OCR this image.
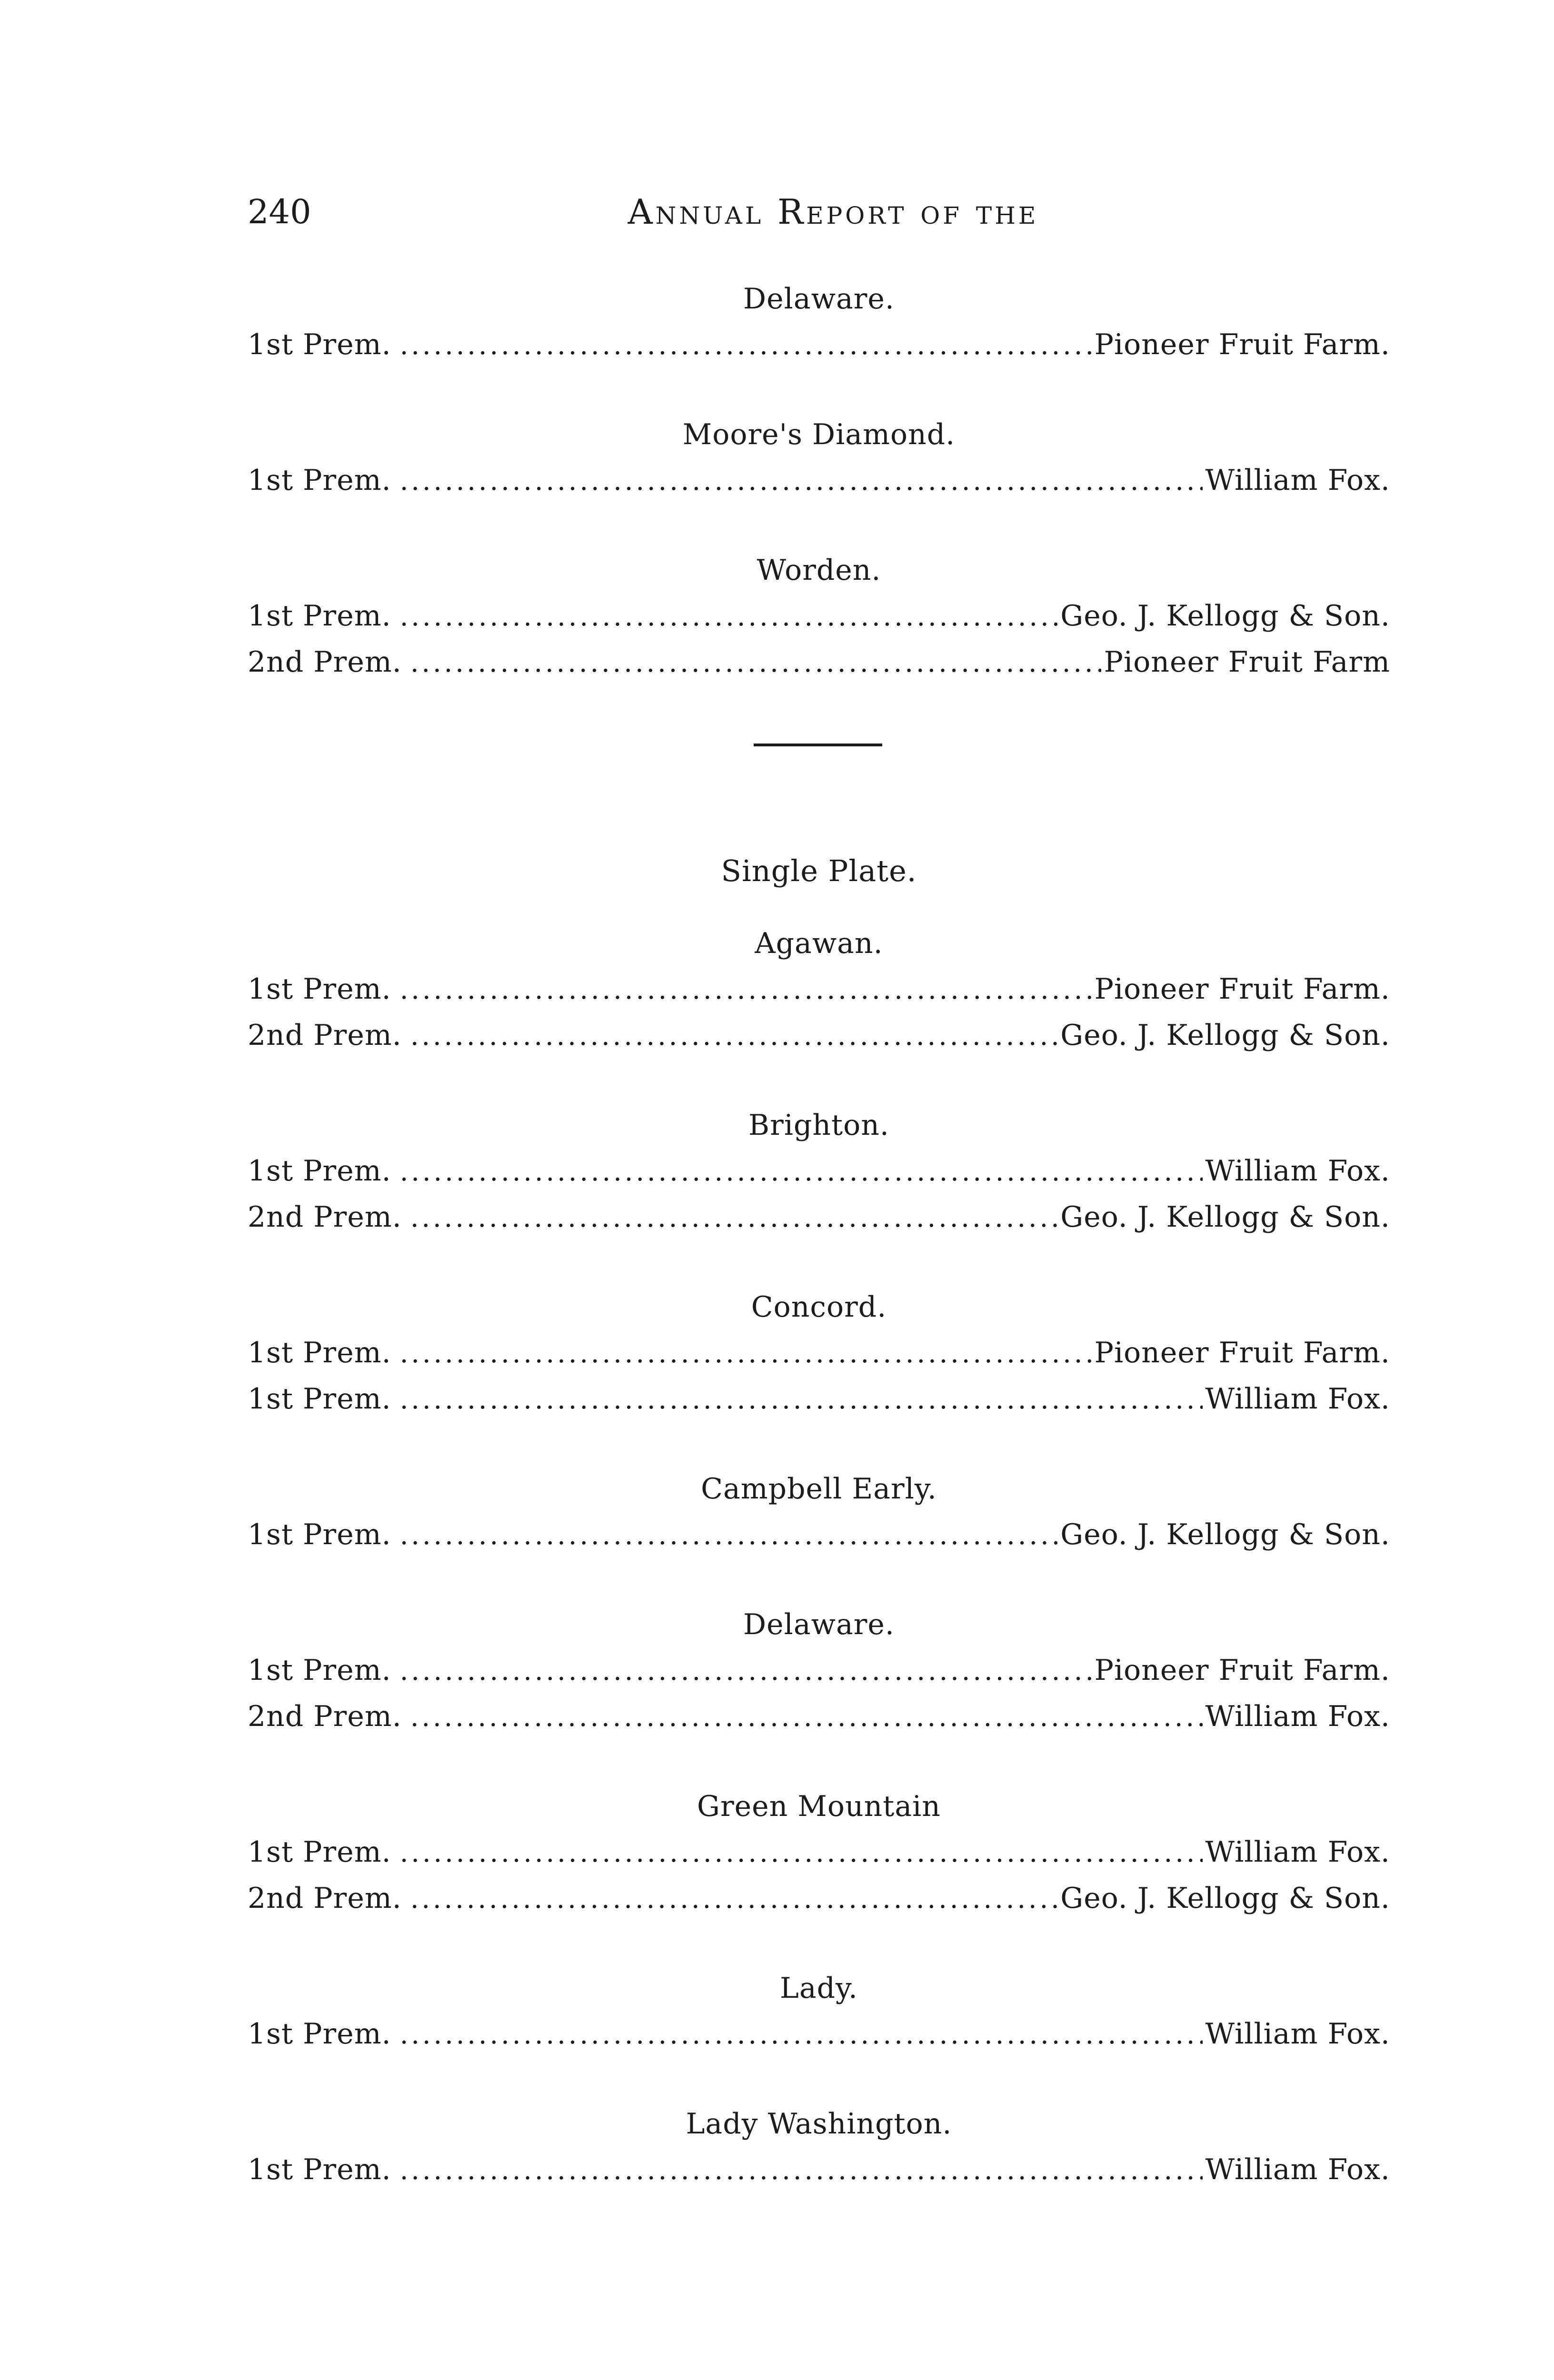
240	Annual Report of the
Delaware.
1st Prem. . . .	Pioneer Fruit Farm.
Moore's Diamond.
1st Prem. . . .	William Fox.
Worden.
1st Prem. . . .	Geo. J. Kellogg & Son.
2nd Prem. . . .	Pioneer Fruit Farm
Single Plate.
Agawan.
1st Prem. . . .	Pioneer Fruit Farm.
2nd Prem. . . .	Geo. J. Kellogg & Son.
Brighton.
1st Prem. . . .	William Fox.
2nd Prem. . . .	Geo. J. Kellogg & Son.
Concord.
1st Prem. . . .	Pioneer Fruit Farm.
1st Prem. . . .	William Fox.
Campbell Early.
1st Prem. . . .	Geo. J. Kellogg & Son.
Delaware.
1st Prem. . . .	Pioneer Fruit Farm.
2nd Prem. . . .	William Fox.
Green Mountain
1st Prem. . . .	William Fox.
2nd Prem. . . .	Geo. J. Kellogg & Son.
Lady.
1st Prem. . . .	William Fox.
Lady Washington.
1st Prem. . . .	William Fox.
